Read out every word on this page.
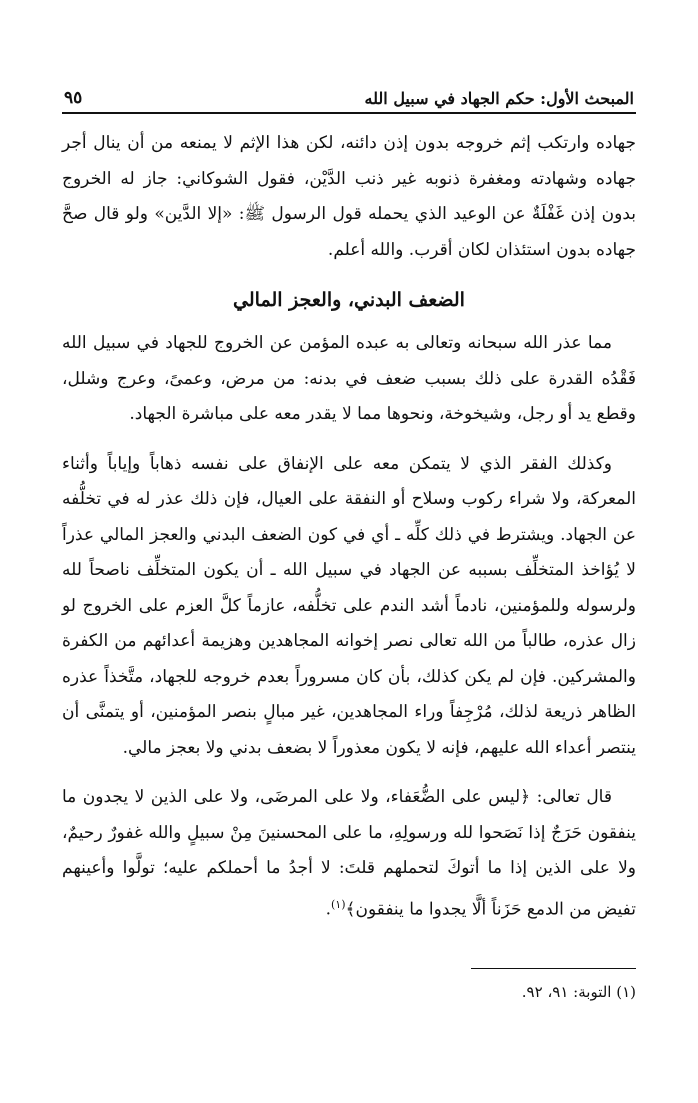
المبحث الأول: حكم الجهاد في سبيل الله
٩٥

جهاده وارتكب إثم خروجه بدون إذن دائنه، لكن هذا الإثم لا يمنعه من أن ينال أجر جهاده وشهادته ومغفرة ذنوبه غير ذنب الدَّيْن، فقول الشوكاني: جاز له الخروج بدون إذن غَفْلَةٌ عن الوعيد الذي يحمله قول الرسول ﷺ: «إلا الدَّين» ولو قال صحَّ جهاده بدون استئذان لكان أقرب. والله أعلم.

الضعف البدني، والعجز المالي

مما عذر الله سبحانه وتعالى به عبده المؤمن عن الخروج للجهاد في سبيل الله فَقْدُه القدرة على ذلك بسبب ضعف في بدنه: من مرض، وعمىً، وعرج وشلل، وقطع يد أو رجل، وشيخوخة، ونحوها مما لا يقدر معه على مباشرة الجهاد.

وكذلك الفقر الذي لا يتمكن معه على الإنفاق على نفسه ذهاباً وإياباً وأثناء المعركة، ولا شراء ركوب وسلاح أو النفقة على العيال، فإن ذلك عذر له في تخلُّفه عن الجهاد. ويشترط في ذلك كلِّه ـ أي في كون الضعف البدني والعجز المالي عذراً لا يُؤاخذ المتخلِّف بسببه عن الجهاد في سبيل الله ـ أن يكون المتخلِّف ناصحاً لله ولرسوله وللمؤمنين، نادماً أشد الندم على تخلُّفه، عازماً كلَّ العزم على الخروج لو زال عذره، طالباً من الله تعالى نصر إخوانه المجاهدين وهزيمة أعدائهم من الكفرة والمشركين. فإن لم يكن كذلك، بأن كان مسروراً بعدم خروجه للجهاد، متَّخذاً عذره الظاهر ذريعة لذلك، مُرْجِفاً وراء المجاهدين، غير مبالٍ بنصر المؤمنين، أو يتمنَّى أن ينتصر أعداء الله عليهم، فإنه لا يكون معذوراً لا بضعف بدني ولا بعجز مالي.

قال تعالى: ﴿ليس على الضُّعَفاء، ولا على المرضَى، ولا على الذين لا يجدون ما ينفقون حَرَجٌ إذا نَصَحوا لله ورسولِهِ، ما على المحسنينَ مِنْ سبيلٍ والله غفورٌ رحيمٌ، ولا على الذين إذا ما أتوكَ لتحملهم قلتَ: لا أجدُ ما أحملكم عليه؛ تولَّوا وأعينهم تفيض من الدمع حَزَناً ألَّا يجدوا ما ينفقون﴾$^{(١)}$.

(١) التوبة: ٩١، ٩٢.
